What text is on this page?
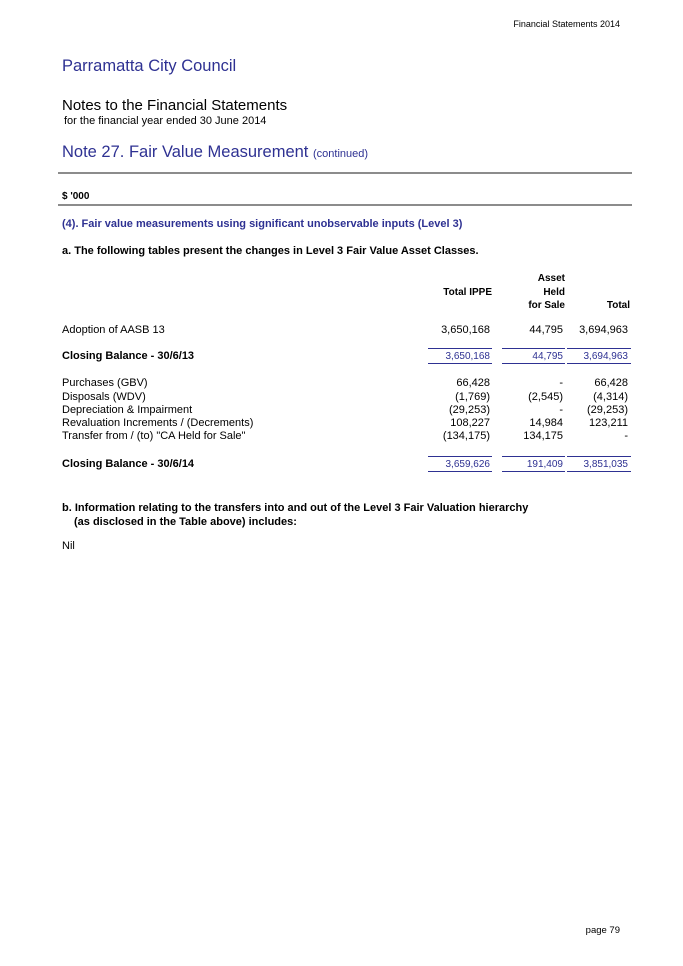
Financial Statements 2014
Parramatta City Council
Notes to the Financial Statements
for the financial year ended 30 June 2014
Note 27. Fair Value Measurement (continued)
$ '000
(4). Fair value measurements using significant unobservable inputs (Level 3)
a. The following tables present the changes in Level 3 Fair Value Asset Classes.
Total IPPE
Asset
Held
for Sale	Total
Adoption of AASB 13	3,650,168	44,795 3,694,963
Closing Balance - 30/6/13	3,650,168	44,795 3,694,963
Purchases (GBV)	66,428	-	66,428
Disposals (WDV)	(1,769)	(2,545)	(4,314)
Depreciation & Impairment	(29,253)	- (29,253)
Revaluation Increments / (Decrements)	108,227	14,984 123,211
Transfer from / (to) "CA Held for Sale"	(134,175)	134,175	-
Closing Balance - 30/6/14	3,659,626	191,409 3,851,035
b. Information relating to the transfers into and out of the Level 3 Fair Valuation hierarchy
(as disclosed in the Table above) includes:
Nil
page 79
